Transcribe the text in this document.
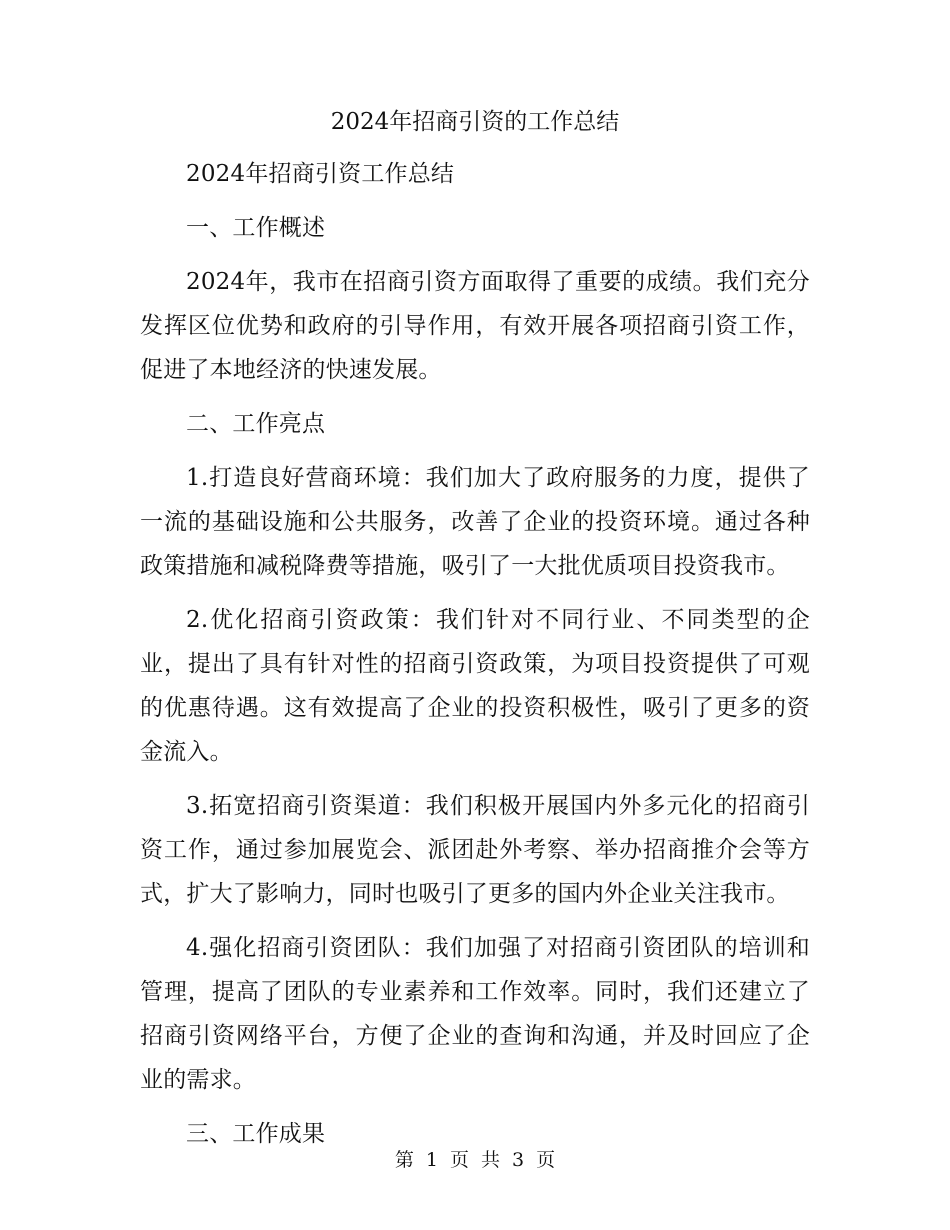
2024年招商引资的工作总结

2024年招商引资工作总结

一、工作概述

2024年，我市在招商引资方面取得了重要的成绩。我们充分发挥区位优势和政府的引导作用，有效开展各项招商引资工作，促进了本地经济的快速发展。

二、工作亮点

1.打造良好营商环境：我们加大了政府服务的力度，提供了一流的基础设施和公共服务，改善了企业的投资环境。通过各种政策措施和减税降费等措施，吸引了一大批优质项目投资我市。

2.优化招商引资政策：我们针对不同行业、不同类型的企业，提出了具有针对性的招商引资政策，为项目投资提供了可观的优惠待遇。这有效提高了企业的投资积极性，吸引了更多的资金流入。

3.拓宽招商引资渠道：我们积极开展国内外多元化的招商引资工作，通过参加展览会、派团赴外考察、举办招商推介会等方式，扩大了影响力，同时也吸引了更多的国内外企业关注我市。

4.强化招商引资团队：我们加强了对招商引资团队的培训和管理，提高了团队的专业素养和工作效率。同时，我们还建立了招商引资网络平台，方便了企业的查询和沟通，并及时回应了企业的需求。

三、工作成果

第 1 页 共 3 页
